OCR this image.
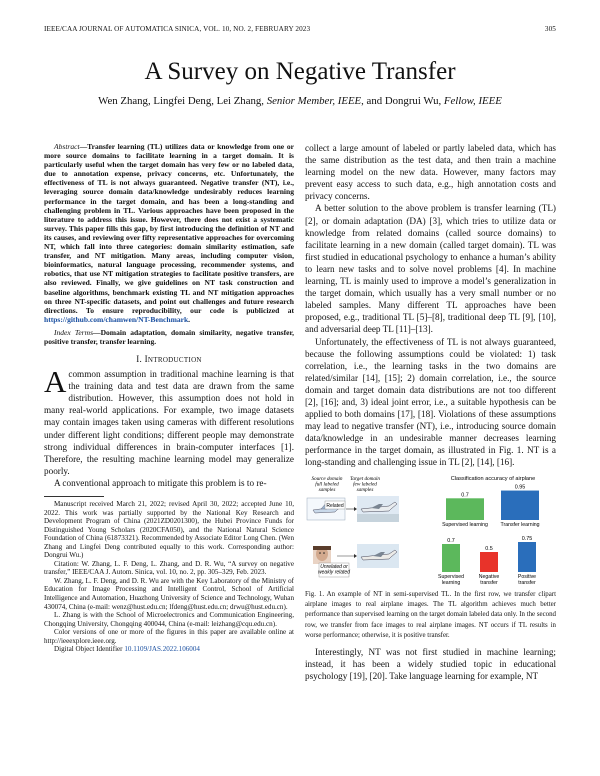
IEEE/CAA JOURNAL OF AUTOMATICA SINICA, VOL. 10, NO. 2, FEBRUARY 2023	305
A Survey on Negative Transfer
Wen Zhang, Lingfei Deng, Lei Zhang, Senior Member, IEEE, and Dongrui Wu, Fellow, IEEE

Abstract—Transfer learning (TL) utilizes data or knowledge from one or more source domains to facilitate learning in a target domain. It is particularly useful when the target domain has very few or no labeled data, due to annotation expense, privacy concerns, etc. Unfortunately, the effectiveness of TL is not always guaranteed. Negative transfer (NT), i.e., leveraging source domain data/knowledge undesirably reduces learning performance in the target domain, and has been a long-standing and challenging problem in TL. Various approaches have been proposed in the literature to address this issue. However, there does not exist a systematic survey. This paper fills this gap, by first introducing the definition of NT and its causes, and reviewing over fifty representative approaches for overcoming NT, which fall into three categories: domain similarity estimation, safe transfer, and NT mitigation. Many areas, including computer vision, bioinformatics, natural language processing, recommender systems, and robotics, that use NT mitigation strategies to facilitate positive transfers, are also reviewed. Finally, we give guidelines on NT task construction and baseline algorithms, benchmark existing TL and NT mitigation approaches on three NT-specific datasets, and point out challenges and future research directions. To ensure reproducibility, our code is publicized at https://github.com/chamwen/NT-Benchmark.

Index Terms—Domain adaptation, domain similarity, negative transfer, positive transfer, transfer learning.

I. INTRODUCTION

Acommon assumption in traditional machine learning is that the training data and test data are drawn from the same distribution. However, this assumption does not hold in many real-world applications. For example, two image datasets may contain images taken using cameras with different resolutions under different light conditions; different people may demonstrate strong individual differences in brain-computer interfaces [1]. Therefore, the resulting machine learning model may generalize poorly.

A conventional approach to mitigate this problem is to re-

Manuscript received March 21, 2022; revised April 30, 2022; accepted June 10, 2022. This work was partially supported by the National Key Research and Development Program of China (2021ZD0201300), the Hubei Province Funds for Distinguished Young Scholars (2020CFA050), and the National Natural Science Foundation of China (61873321). Recommended by Associate Editor Long Chen. (Wen Zhang and Lingfei Deng contributed equally to this work. Corresponding author: Dongrui Wu.)

Citation: W. Zhang, L. F. Deng, L. Zhang, and D. R. Wu, “A survey on negative transfer,” IEEE/CAA J. Autom. Sinica, vol. 10, no. 2, pp. 305–329, Feb. 2023.

W. Zhang, L. F. Deng, and D. R. Wu are with the Key Laboratory of the Ministry of Education for Image Processing and Intelligent Control, School of Artificial Intelligence and Automation, Huazhong University of Science and Technology, Wuhan 430074, China (e-mail: wenz@hust.edu.cn; lfdeng@hust.edu.cn; drwu@hust.edu.cn).

L. Zhang is with the School of Microelectronics and Communication Engineering, Chongqing University, Chongqing 400044, China (e-mail: leizhang@cqu.edu.cn).

Color versions of one or more of the figures in this paper are available online at http://ieeexplore.ieee.org.

Digital Object Identifier 10.1109/JAS.2022.106004

collect a large amount of labeled or partly labeled data, which has the same distribution as the test data, and then train a machine learning model on the new data. However, many factors may prevent easy access to such data, e.g., high annotation costs and privacy concerns.

A better solution to the above problem is transfer learning (TL) [2], or domain adaptation (DA) [3], which tries to utilize data or knowledge from related domains (called source domains) to facilitate learning in a new domain (called target domain). TL was first studied in educational psychology to enhance a human’s ability to learn new tasks and to solve novel problems [4]. In machine learning, TL is mainly used to improve a model’s generalization in the target domain, which usually has a very small number or no labeled samples. Many different TL approaches have been proposed, e.g., traditional TL [5]–[8], traditional deep TL [9], [10], and adversarial deep TL [11]–[13].

Unfortunately, the effectiveness of TL is not always guaranteed, because the following assumptions could be violated: 1) task correlation, i.e., the learning tasks in the two domains are related/similar [14], [15]; 2) domain correlation, i.e., the source domain and target domain data distributions are not too different [2], [16]; and, 3) ideal joint error, i.e., a suitable hypothesis can be applied to both domains [17], [18]. Violations of these assumptions may lead to negative transfer (NT), i.e., introducing source domain data/knowledge in an undesirable manner decreases learning performance in the target domain, as illustrated in Fig. 1. NT is a long-standing and challenging issue in TL [2], [14], [16].

Source domain full labeled samples
Target domain few labeled samples
Related
Unrelated or weakly related
Classification accuracy of airplane
0.7
Supervised learning
0.95
Transfer learning
0.7
Supervised learning
0.5
Negative transfer
0.75
Positive transfer

Fig. 1. An example of NT in semi-supervised TL. In the first row, we transfer clipart airplane images to real airplane images. The TL algorithm achieves much better performance than supervised learning on the target domain labeled data only. In the second row, we transfer from face images to real airplane images. NT occurs if TL results in worse performance; otherwise, it is positive transfer.

Interestingly, NT was not first studied in machine learning; instead, it has been a widely studied topic in educational psychology [19], [20]. Take language learning for example, NT
